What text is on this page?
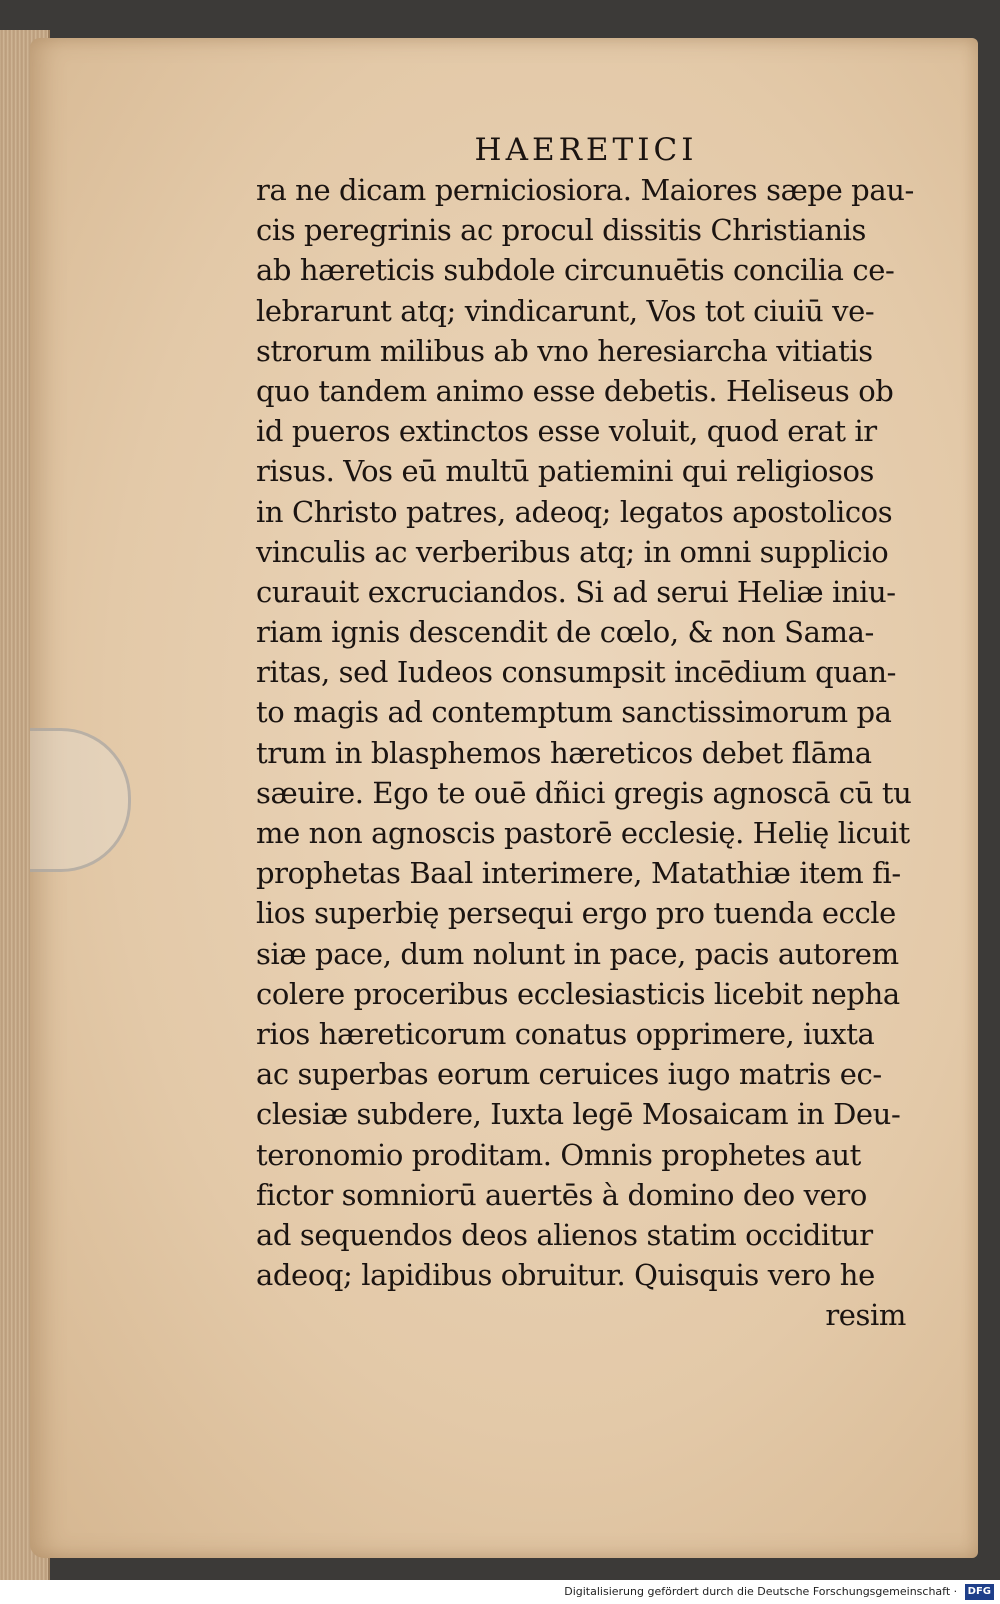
HAERETICI
ra ne dicam perniciosiora. Maiores sæpe pau-
cis peregrinis ac procul dissitis Christianis
ab hæreticis subdole circunuētis concilia ce-
lebrarunt atq; vindicarunt, Vos tot ciuiū ve-
strorum milibus ab vno heresiarcha vitiatis
quo tandem animo esse debetis. Heliseus ob
id pueros extinctos esse voluit, quod erat ir
risus. Vos eū multū patiemini qui religiosos
in Christo patres, adeoq; legatos apostolicos
vinculis ac verberibus atq; in omni supplicio
curauit excruciandos. Si ad serui Heliæ iniu-
riam ignis descendit de cœlo, & non Sama-
ritas, sed Iudeos consumpsit incēdium quan-
to magis ad contemptum sanctissimorum pa
trum in blasphemos hæreticos debet flāma
sæuire. Ego te ouē dñici gregis agnoscā cū tu
me non agnoscis pastorē ecclesię. Helię licuit
prophetas Baal interimere, Matathiæ item fi-
lios superbię persequi ergo pro tuenda eccle
siæ pace, dum nolunt in pace, pacis autorem
colere proceribus ecclesiasticis licebit nepha
rios hæreticorum conatus opprimere, iuxta
ac superbas eorum ceruices iugo matris ec-
clesiæ subdere, Iuxta legē Mosaicam in Deu-
teronomio proditam. Omnis prophetes aut
fictor somniorū auertēs à domino deo vero
ad sequendos deos alienos statim occiditur
adeoq; lapidibus obruitur. Quisquis vero he
resim
Digitalisierung gefördert durch die Deutsche Forschungsgemeinschaft · DFG
